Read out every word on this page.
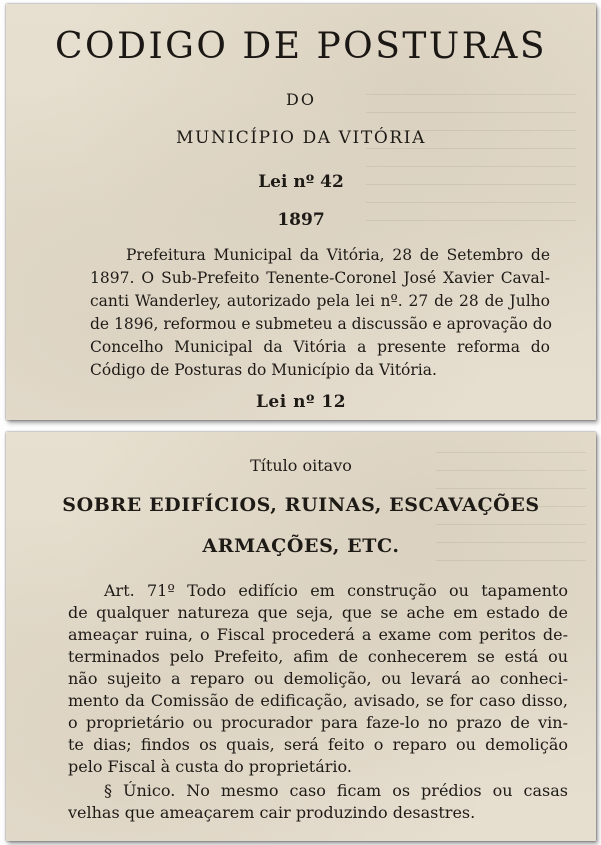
CODIGO DE POSTURAS
DO
MUNICÍPIO DA VITÓRIA
Lei nº 42
1897
Prefeitura Municipal da Vitória, 28 de Setembro de
1897. O Sub-Prefeito Tenente-Coronel José Xavier Caval-
canti Wanderley, autorizado pela lei nº. 27 de 28 de Julho
de 1896, reformou e submeteu a discussão e aprovação do
Concelho Municipal da Vitória a presente reforma do
Código de Posturas do Município da Vitória.
Lei nº 12
Título oitavo
SOBRE EDIFÍCIOS, RUINAS, ESCAVAÇÕES
ARMAÇÕES, ETC.
Art. 71º Todo edifício em construção ou tapamento
de qualquer natureza que seja, que se ache em estado de
ameaçar ruina, o Fiscal procederá a exame com peritos de-
terminados pelo Prefeito, afim de conhecerem se está ou
não sujeito a reparo ou demolição, ou levará ao conheci-
mento da Comissão de edificação, avisado, se for caso disso,
o proprietário ou procurador para faze-lo no prazo de vin-
te dias; findos os quais, será feito o reparo ou demolição
pelo Fiscal à custa do proprietário.
§ Único. No mesmo caso ficam os prédios ou casas
velhas que ameaçarem cair produzindo desastres.
